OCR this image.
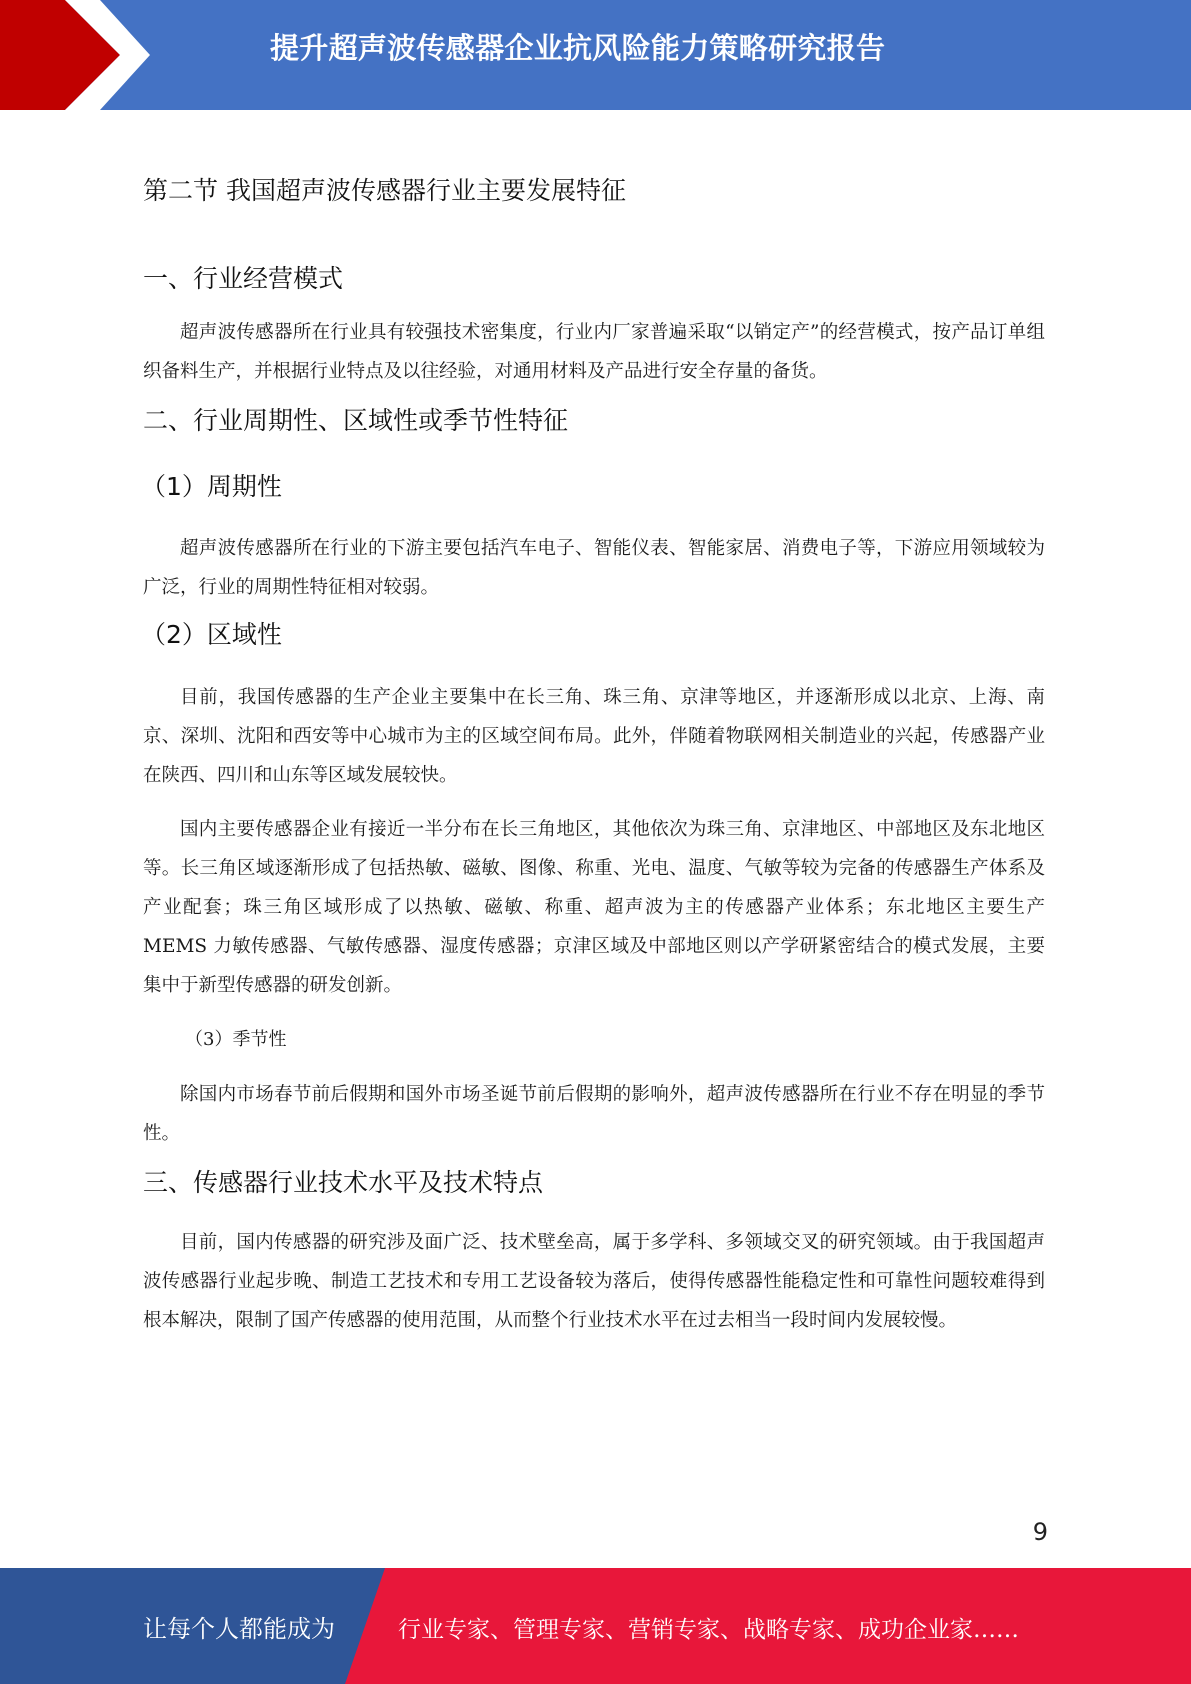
提升超声波传感器企业抗风险能力策略研究报告
第二节 我国超声波传感器行业主要发展特征
一、行业经营模式

超声波传感器所在行业具有较强技术密集度，行业内厂家普遍采取“以销定产”的经营模式，按产品订单组织备料生产，并根据行业特点及以往经验，对通用材料及产品进行安全存量的备货。

二、行业周期性、区域性或季节性特征
（1）周期性

超声波传感器所在行业的下游主要包括汽车电子、智能仪表、智能家居、消费电子等，下游应用领域较为广泛，行业的周期性特征相对较弱。

（2）区域性

目前，我国传感器的生产企业主要集中在长三角、珠三角、京津等地区，并逐渐形成以北京、上海、南京、深圳、沈阳和西安等中心城市为主的区域空间布局。此外，伴随着物联网相关制造业的兴起，传感器产业在陕西、四川和山东等区域发展较快。

国内主要传感器企业有接近一半分布在长三角地区，其他依次为珠三角、京津地区、中部地区及东北地区等。长三角区域逐渐形成了包括热敏、磁敏、图像、称重、光电、温度、气敏等较为完备的传感器生产体系及产业配套；珠三角区域形成了以热敏、磁敏、称重、超声波为主的传感器产业体系；东北地区主要生产 MEMS 力敏传感器、气敏传感器、湿度传感器；京津区域及中部地区则以产学研紧密结合的模式发展，主要集中于新型传感器的研发创新。

（3）季节性

除国内市场春节前后假期和国外市场圣诞节前后假期的影响外，超声波传感器所在行业不存在明显的季节性。

三、传感器行业技术水平及技术特点

目前，国内传感器的研究涉及面广泛、技术壁垒高，属于多学科、多领域交叉的研究领域。由于我国超声波传感器行业起步晚、制造工艺技术和专用工艺设备较为落后，使得传感器性能稳定性和可靠性问题较难得到根本解决，限制了国产传感器的使用范围，从而整个行业技术水平在过去相当一段时间内发展较慢。

9
让每个人都能成为	行业专家、管理专家、营销专家、战略专家、成功企业家……
